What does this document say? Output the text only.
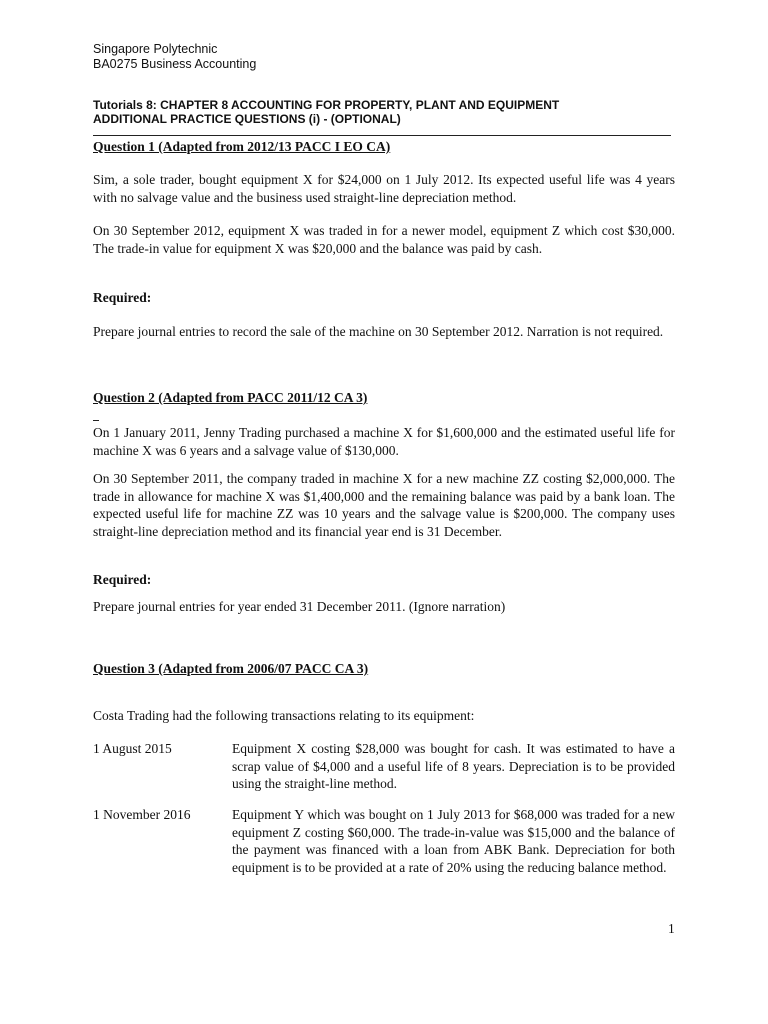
Singapore Polytechnic
BA0275 Business Accounting
Tutorials 8: CHAPTER 8 ACCOUNTING FOR PROPERTY, PLANT AND EQUIPMENT
ADDITIONAL PRACTICE QUESTIONS (i) - (OPTIONAL)
Question 1 (Adapted from 2012/13 PACC I EO CA)
Sim, a sole trader, bought equipment X for $24,000 on 1 July 2012. Its expected useful life was 4 years with no salvage value and the business used straight-line depreciation method.
On 30 September 2012, equipment X was traded in for a newer model, equipment Z which cost $30,000. The trade-in value for equipment X was $20,000 and the balance was paid by cash.
Required:
Prepare journal entries to record the sale of the machine on 30 September 2012. Narration is not required.
Question 2 (Adapted from PACC 2011/12 CA 3)
On 1 January 2011, Jenny Trading purchased a machine X for $1,600,000 and the estimated useful life for machine X was 6 years and a salvage value of $130,000.
On 30 September 2011, the company traded in machine X for a new machine ZZ costing $2,000,000. The trade in allowance for machine X was $1,400,000 and the remaining balance was paid by a bank loan. The expected useful life for machine ZZ was 10 years and the salvage value is $200,000. The company uses straight-line depreciation method and its financial year end is 31 December.
Required:
Prepare journal entries for year ended 31 December 2011. (Ignore narration)
Question 3 (Adapted from 2006/07 PACC CA 3)
Costa Trading had the following transactions relating to its equipment:
1 August 2015	Equipment X costing $28,000 was bought for cash. It was estimated to have a scrap value of $4,000 and a useful life of 8 years. Depreciation is to be provided using the straight-line method.
1 November 2016	Equipment Y which was bought on 1 July 2013 for $68,000 was traded for a new equipment Z costing $60,000. The trade-in-value was $15,000 and the balance of the payment was financed with a loan from ABK Bank. Depreciation for both equipment is to be provided at a rate of 20% using the reducing balance method.
1
